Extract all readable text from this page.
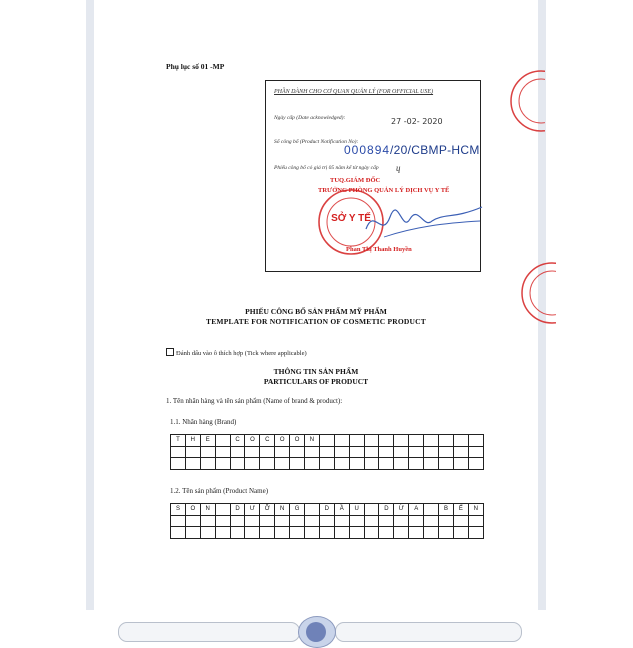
Phụ lục số 01 -MP
PHẦN DÀNH CHO CƠ QUAN QUẢN LÝ (FOR OFFICIAL USE)
Ngày cấp (Date acknowledged):	27 -02- 2020
Số công bố (Product Notification No):
000894/20/CBMP-HCM
Phiếu công bố có giá trị 05 năm kể từ ngày cấp ɥ
SỞ Y TẾ
TUQ.GIÁM ĐỐC
TRƯỞNG PHÒNG QUẢN LÝ DỊCH VỤ Y TẾ
Phan Thị Thanh Huyền
PHIẾU CÔNG BỐ SẢN PHẨM MỸ PHẨM
TEMPLATE FOR NOTIFICATION OF COSMETIC PRODUCT
Đánh dấu vào ô thích hợp (Tick where applicable)
THÔNG TIN SẢN PHẨM
PARTICULARS OF PRODUCT
1. Tên nhãn hàng và tên sản phẩm (Name of brand & product):
1.1. Nhãn hàng (Brand)
T	H	E		C	O	C	O	O	N											

1.2. Tên sản phẩm (Product Name)
S	O	N		D	Ư	Ỡ	N	G		D	Ầ	U		D	Ừ	A		B	Ế	N
